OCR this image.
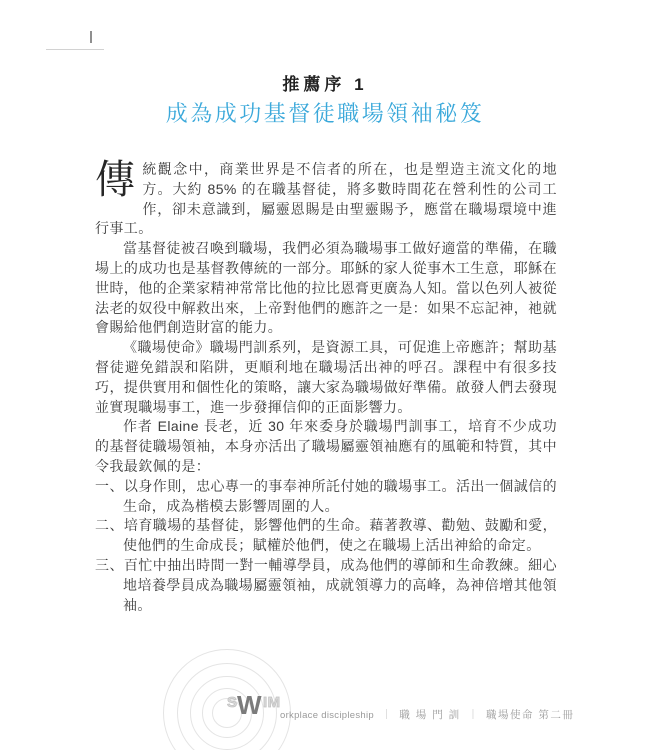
推薦序 1
成為成功基督徒職場領袖秘笈

傳統觀念中，商業世界是不信者的所在，也是塑造主流文化的地方。大約 85% 的在職基督徒，將多數時間花在營利性的公司工作，卻未意識到，屬靈恩賜是由聖靈賜予，應當在職場環境中進行事工。

當基督徒被召喚到職場，我們必須為職場事工做好適當的準備，在職場上的成功也是基督教傳統的一部分。耶穌的家人從事木工生意，耶穌在世時，他的企業家精神常常比他的拉比恩膏更廣為人知。當以色列人被從法老的奴役中解救出來，上帝對他們的應許之一是：如果不忘記神，祂就會賜給他們創造財富的能力。

《職場使命》職場門訓系列，是資源工具，可促進上帝應許；幫助基督徒避免錯誤和陷阱，更順利地在職場活出神的呼召。課程中有很多技巧，提供實用和個性化的策略，讓大家為職場做好準備。啟發人們去發現並實現職場事工，進一步發揮信仰的正面影響力。

作者 Elaine 長老，近 30 年來委身於職場門訓事工，培育不少成功的基督徒職場領袖，本身亦活出了職場屬靈領袖應有的風範和特質，其中令我最欽佩的是：

一、以身作則，忠心專一的事奉神所託付她的職場事工。活出一個誠信的生命，成為楷模去影響周圍的人。
二、培育職場的基督徒，影響他們的生命。藉著教導、勸勉、鼓勵和愛，使他們的生命成長；賦權於他們，使之在職場上活出神給的命定。
三、百忙中抽出時間一對一輔導學員，成為他們的導師和生命教練。細心地培養學員成為職場屬靈領袖，成就領導力的高峰，為神倍增其他領袖。
S W IM
orkplace discipleship ｜ 職 場 門 訓 ｜ 職場使命 第二冊
